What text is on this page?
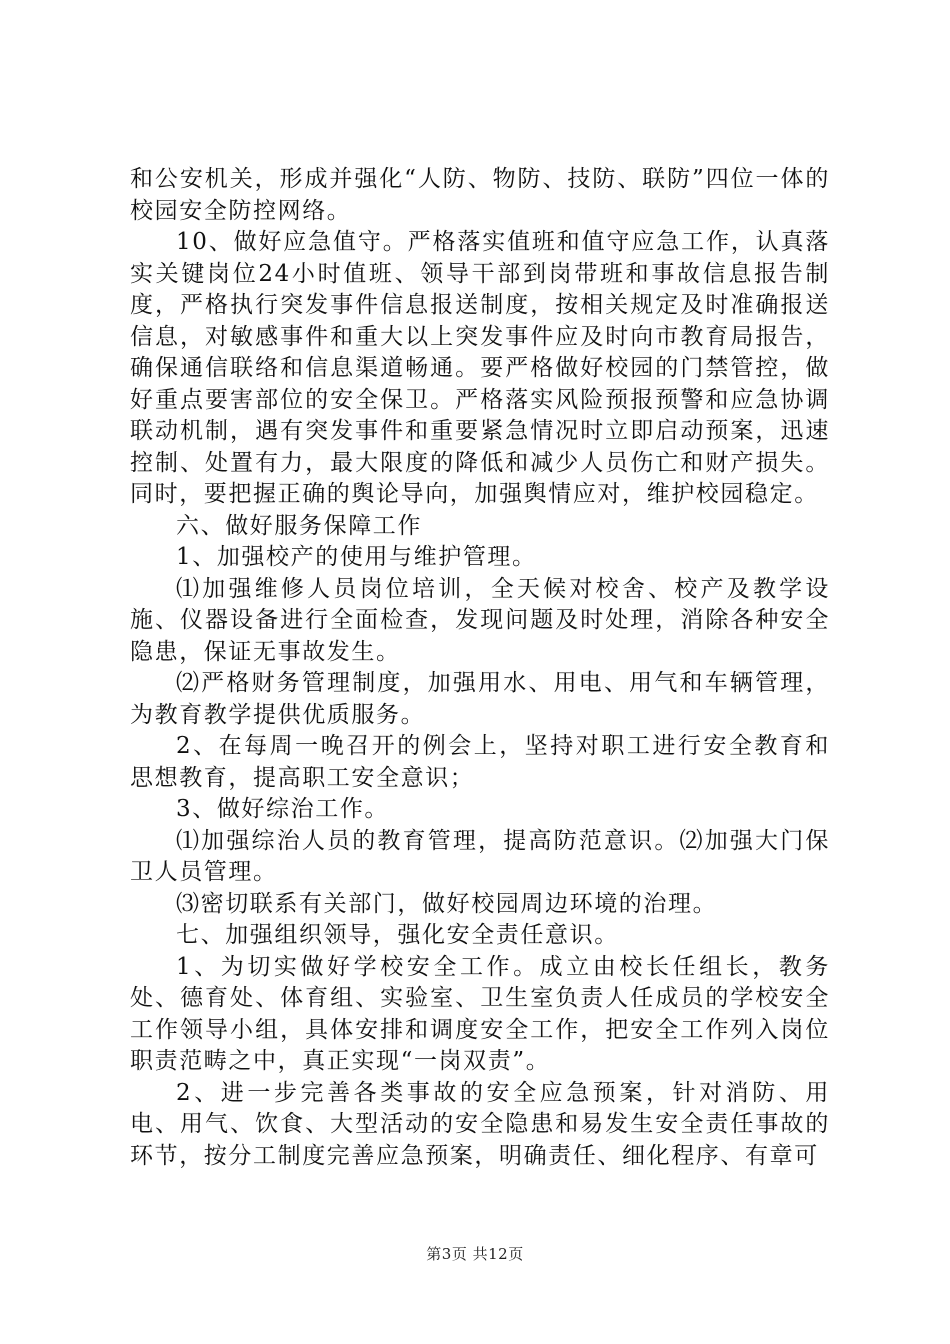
和公安机关，形成并强化“人防、物防、技防、联防”四位一体的校园安全防控网络。

10、做好应急值守。严格落实值班和值守应急工作，认真落实关键岗位24小时值班、领导干部到岗带班和事故信息报告制度，严格执行突发事件信息报送制度，按相关规定及时准确报送信息，对敏感事件和重大以上突发事件应及时向市教育局报告，确保通信联络和信息渠道畅通。要严格做好校园的门禁管控，做好重点要害部位的安全保卫。严格落实风险预报预警和应急协调联动机制，遇有突发事件和重要紧急情况时立即启动预案，迅速控制、处置有力，最大限度的降低和减少人员伤亡和财产损失。同时，要把握正确的舆论导向，加强舆情应对，维护校园稳定。

六、做好服务保障工作

1、加强校产的使用与维护管理。

⑴加强维修人员岗位培训，全天候对校舍、校产及教学设施、仪器设备进行全面检查，发现问题及时处理，消除各种安全隐患，保证无事故发生。

⑵严格财务管理制度，加强用水、用电、用气和车辆管理，为教育教学提供优质服务。

2、在每周一晚召开的例会上，坚持对职工进行安全教育和思想教育，提高职工安全意识；

3、做好综治工作。

⑴加强综治人员的教育管理，提高防范意识。⑵加强大门保卫人员管理。

⑶密切联系有关部门，做好校园周边环境的治理。

七、加强组织领导，强化安全责任意识。

1、为切实做好学校安全工作。成立由校长任组长，教务处、德育处、体育组、实验室、卫生室负责人任成员的学校安全工作领导小组，具体安排和调度安全工作，把安全工作列入岗位职责范畴之中，真正实现“一岗双责”。

2、进一步完善各类事故的安全应急预案，针对消防、用电、用气、饮食、大型活动的安全隐患和易发生安全责任事故的环节，按分工制度完善应急预案，明确责任、细化程序、有章可

第3页 共12页
